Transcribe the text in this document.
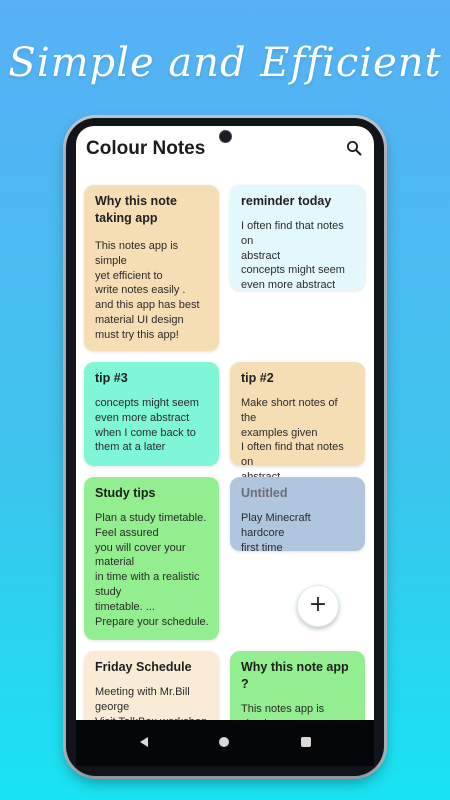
Simple and Efficient
Colour Notes
Why this note taking app
This notes app is simple
yet efficient to
write notes easily .
and this app has best
material UI design
must try this app!
reminder today
I often find that notes on
abstract
concepts might seem
even more abstract
tip #3
concepts might seem
even more abstract
when I come back to
them at a later
tip #2
Make short notes of the
examples given
I often find that notes on

Study tips
Plan a study timetable.
Feel assured
you will cover your
material
in time with a realistic
study
timetable. ...
Prepare your schedule.
Untitled
Play Minecraft hardcore
first time
Friday Schedule
Meeting with Mr.Bill
george

Why this note app ?
This notes app is

+
